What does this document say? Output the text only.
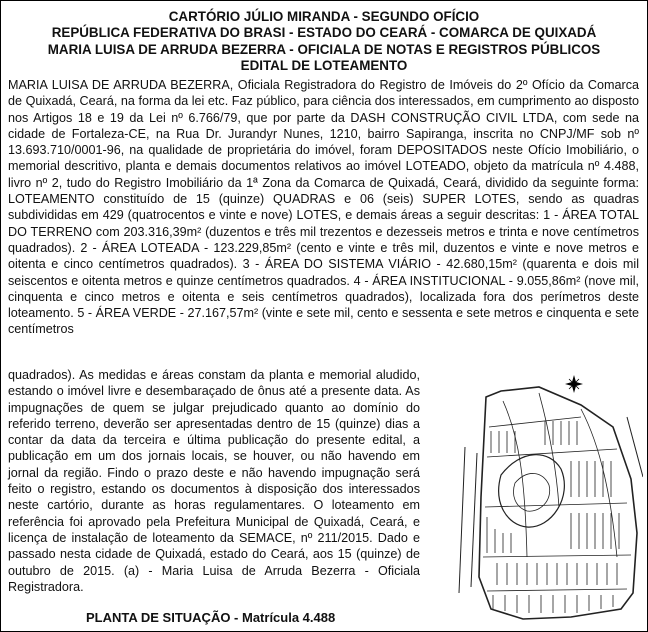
CARTÓRIO JÚLIO MIRANDA - SEGUNDO OFÍCIO
REPÚBLICA FEDERATIVA DO BRASI - ESTADO DO CEARÁ - COMARCA DE QUIXADÁ
MARIA LUISA DE ARRUDA BEZERRA - OFICIALA DE NOTAS E REGISTROS PÚBLICOS
EDITAL DE LOTEAMENTO
MARIA LUISA DE ARRUDA BEZERRA, Oficiala Registradora do Registro de Imóveis do 2º Ofício da Comarca de Quixadá, Ceará, na forma da lei etc. Faz público, para ciência dos interessados, em cumprimento ao disposto nos Artigos 18 e 19 da Lei nº 6.766/79, que por parte da DASH CONSTRUÇÃO CIVIL LTDA, com sede na cidade de Fortaleza-CE, na Rua Dr. Jurandyr Nunes, 1210, bairro Sapiranga, inscrita no CNPJ/MF sob nº 13.693.710/0001-96, na qualidade de proprietária do imóvel, foram DEPOSITADOS neste Ofício Imobiliário, o memorial descritivo, planta e demais documentos relativos ao imóvel LOTEADO, objeto da matrícula nº 4.488, livro nº 2, tudo do Registro Imobiliário da 1ª Zona da Comarca de Quixadá, Ceará, dividido da seguinte forma: LOTEAMENTO constituído de 15 (quinze) QUADRAS e 06 (seis) SUPER LOTES, sendo as quadras subdivididas em 429 (quatrocentos e vinte e nove) LOTES, e demais áreas a seguir descritas: 1 - ÁREA TOTAL DO TERRENO com 203.316,39m² (duzentos e três mil trezentos e dezesseis metros e trinta e nove centímetros quadrados). 2 - ÁREA LOTEADA - 123.229,85m² (cento e vinte e três mil, duzentos e vinte e nove metros e oitenta e cinco centímetros quadrados). 3 - ÁREA DO SISTEMA VIÁRIO - 42.680,15m² (quarenta e dois mil seiscentos e oitenta metros e quinze centímetros quadrados. 4 - ÁREA INSTITUCIONAL - 9.055,86m² (nove mil, cinquenta e cinco metros e oitenta e seis centímetros quadrados), localizada fora dos perímetros deste loteamento. 5 - ÁREA VERDE - 27.167,57m² (vinte e sete mil, cento e sessenta e sete metros e cinquenta e sete centímetros
quadrados). As medidas e áreas constam da planta e memorial aludido, estando o imóvel livre e desembaraçado de ônus até a presente data. As impugnações de quem se julgar prejudicado quanto ao domínio do referido terreno, deverão ser apresentadas dentro de 15 (quinze) dias a contar da data da terceira e última publicação do presente edital, a publicação em um dos jornais locais, se houver, ou não havendo em jornal da região. Findo o prazo deste e não havendo impugnação será feito o registro, estando os documentos à disposição dos interessados neste cartório, durante as horas regulamentares. O loteamento em referência foi aprovado pela Prefeitura Municipal de Quixadá, Ceará, e licença de instalação de loteamento da SEMACE, nº 211/2015. Dado e passado nesta cidade de Quixadá, estado do Ceará, aos 15 (quinze) de outubro de 2015. (a) - Maria Luisa de Arruda Bezerra - Oficiala Registradora.
PLANTA DE SITUAÇÃO - Matrícula 4.488
